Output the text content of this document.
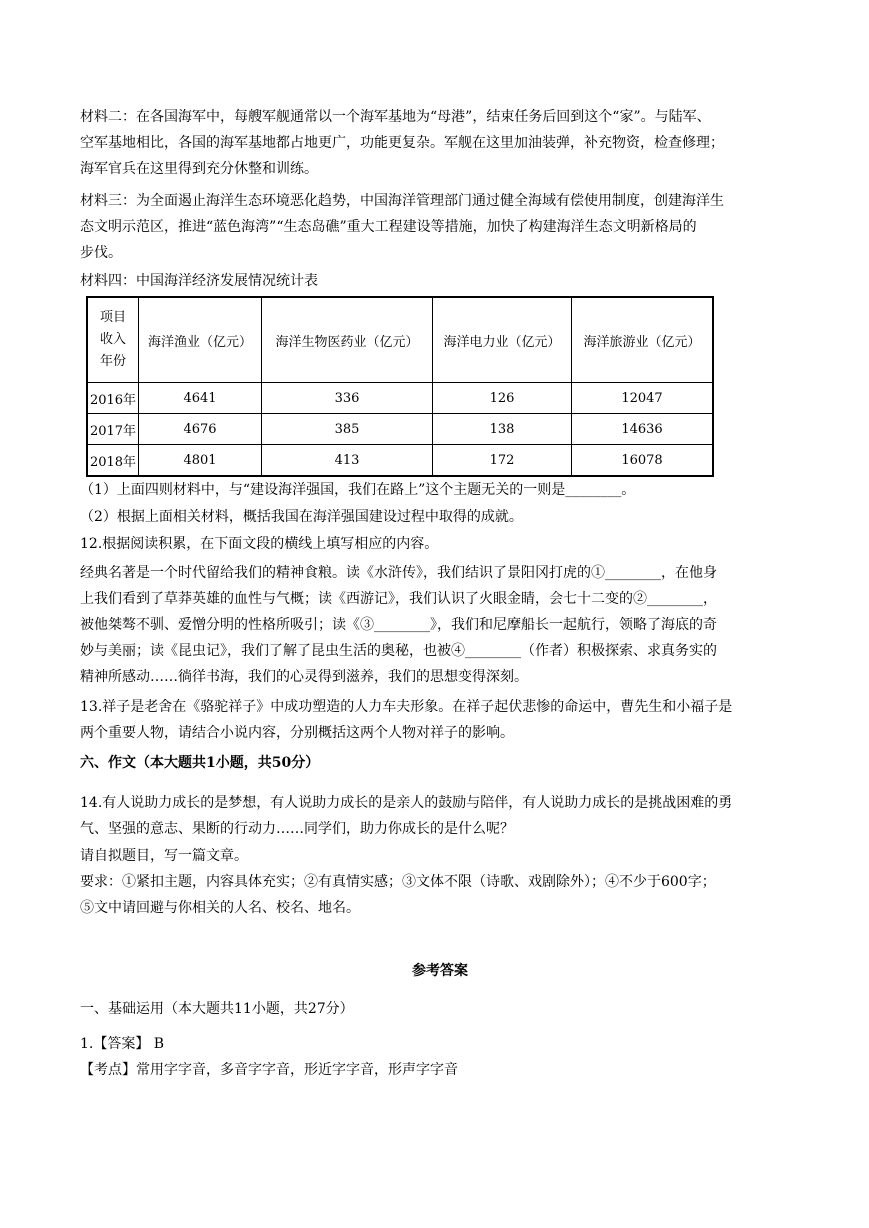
材料二：在各国海军中，每艘军舰通常以一个海军基地为“母港”，结束任务后回到这个“家”。与陆军、
空军基地相比，各国的海军基地都占地更广，功能更复杂。军舰在这里加油装弹，补充物资，检查修理；
海军官兵在这里得到充分休整和训练。
材料三：为全面遏止海洋生态环境恶化趋势，中国海洋管理部门通过健全海域有偿使用制度，创建海洋生
态文明示范区，推进“蓝色海湾”“生态岛礁”重大工程建设等措施，加快了构建海洋生态文明新格局的
步伐。

材料四：中国海洋经济发展情况统计表

项目
收入
年份	海洋渔业（亿元）	海洋生物医药业（亿元）	海洋电力业（亿元）	海洋旅游业（亿元）
2016年	4641	336	126	12047
2017年	4676	385	138	14636
2018年	4801	413	172	16078

（1）上面四则材料中，与“建设海洋强国，我们在路上”这个主题无关的一则是________。

（2）根据上面相关材料，概括我国在海洋强国建设过程中取得的成就。

12.根据阅读积累，在下面文段的横线上填写相应的内容。

经典名著是一个时代留给我们的精神食粮。读《水浒传》，我们结识了景阳冈打虎的①________，在他身
上我们看到了草莽英雄的血性与气概；读《西游记》，我们认识了火眼金睛，会七十二变的②________，
被他桀骜不驯、爱憎分明的性格所吸引；读《③________》，我们和尼摩船长一起航行，领略了海底的奇
妙与美丽；读《昆虫记》，我们了解了昆虫生活的奥秘，也被④________（作者）积极探索、求真务实的
精神所感动……徜徉书海，我们的心灵得到滋养，我们的思想变得深刻。
13.祥子是老舍在《骆驼祥子》中成功塑造的人力车夫形象。在祥子起伏悲惨的命运中，曹先生和小福子是
两个重要人物，请结合小说内容，分别概括这两个人物对祥子的影响。

六、作文（本大题共1小题，共50分）

14.有人说助力成长的是梦想，有人说助力成长的是亲人的鼓励与陪伴，有人说助力成长的是挑战困难的勇
气、坚强的意志、果断的行动力……同学们，助力你成长的是什么呢？

请自拟题目，写一篇文章。

要求：①紧扣主题，内容具体充实；②有真情实感；③文体不限（诗歌、戏剧除外）；④不少于600字；
⑤文中请回避与你相关的人名、校名、地名。

参考答案

一、基础运用（本大题共11小题，共27分）

1.【答案】 B

【考点】常用字字音，多音字字音，形近字字音，形声字字音
